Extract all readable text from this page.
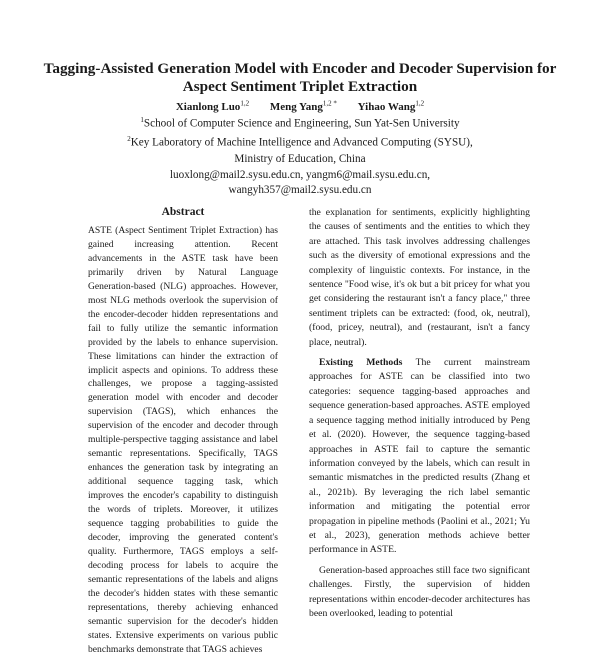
Tagging-Assisted Generation Model with Encoder and Decoder Supervision for Aspect Sentiment Triplet Extraction
Xianlong Luo$^{1,2}$ Meng Yang$^{1,2 *}$ Yihao Wang$^{1,2}$
$^1$School of Computer Science and Engineering, Sun Yat-Sen University
$^2$Key Laboratory of Machine Intelligence and Advanced Computing (SYSU),
Ministry of Education, China
luoxlong@mail2.sysu.edu.cn, yangm6@mail.sysu.edu.cn,
wangyh357@mail2.sysu.edu.cn
Abstract
ASTE (Aspect Sentiment Triplet Extraction) has gained increasing attention. Recent advancements in the ASTE task have been primarily driven by Natural Language Generation-based (NLG) approaches. However, most NLG methods overlook the supervision of the encoder-decoder hidden representations and fail to fully utilize the semantic information provided by the labels to enhance supervision. These limitations can hinder the extraction of implicit aspects and opinions. To address these challenges, we propose a tagging-assisted generation model with encoder and decoder supervision (TAGS), which enhances the supervision of the encoder and decoder through multiple-perspective tagging assistance and label semantic representations. Specifically, TAGS enhances the generation task by integrating an additional sequence tagging task, which improves the encoder's capability to distinguish the words of triplets. Moreover, it utilizes sequence tagging probabilities to guide the decoder, improving the generated content's quality. Furthermore, TAGS employs a self-decoding process for labels to acquire the semantic representations of the labels and aligns the decoder's hidden states with these semantic representations, thereby achieving enhanced semantic supervision for the decoder's hidden states. Extensive experiments on various public benchmarks demonstrate that TAGS achieves

the explanation for sentiments, explicitly highlighting the causes of sentiments and the entities to which they are attached. This task involves addressing challenges such as the diversity of emotional expressions and the complexity of linguistic contexts. For instance, in the sentence "Food wise, it's ok but a bit pricey for what you get considering the restaurant isn't a fancy place," three sentiment triplets can be extracted: (food, ok, neutral), (food, pricey, neutral), and (restaurant, isn't a fancy place, neutral).

Existing Methods The current mainstream approaches for ASTE can be classified into two categories: sequence tagging-based approaches and sequence generation-based approaches. ASTE employed a sequence tagging method initially introduced by Peng et al. (2020). However, the sequence tagging-based approaches in ASTE fail to capture the semantic information conveyed by the labels, which can result in semantic mismatches in the predicted results (Zhang et al., 2021b). By leveraging the rich label semantic information and mitigating the potential error propagation in pipeline methods (Paolini et al., 2021; Yu et al., 2023), generation methods achieve better performance in ASTE.

Generation-based approaches still face two significant challenges. Firstly, the supervision of hidden representations within encoder-decoder architectures has been overlooked, leading to potential
